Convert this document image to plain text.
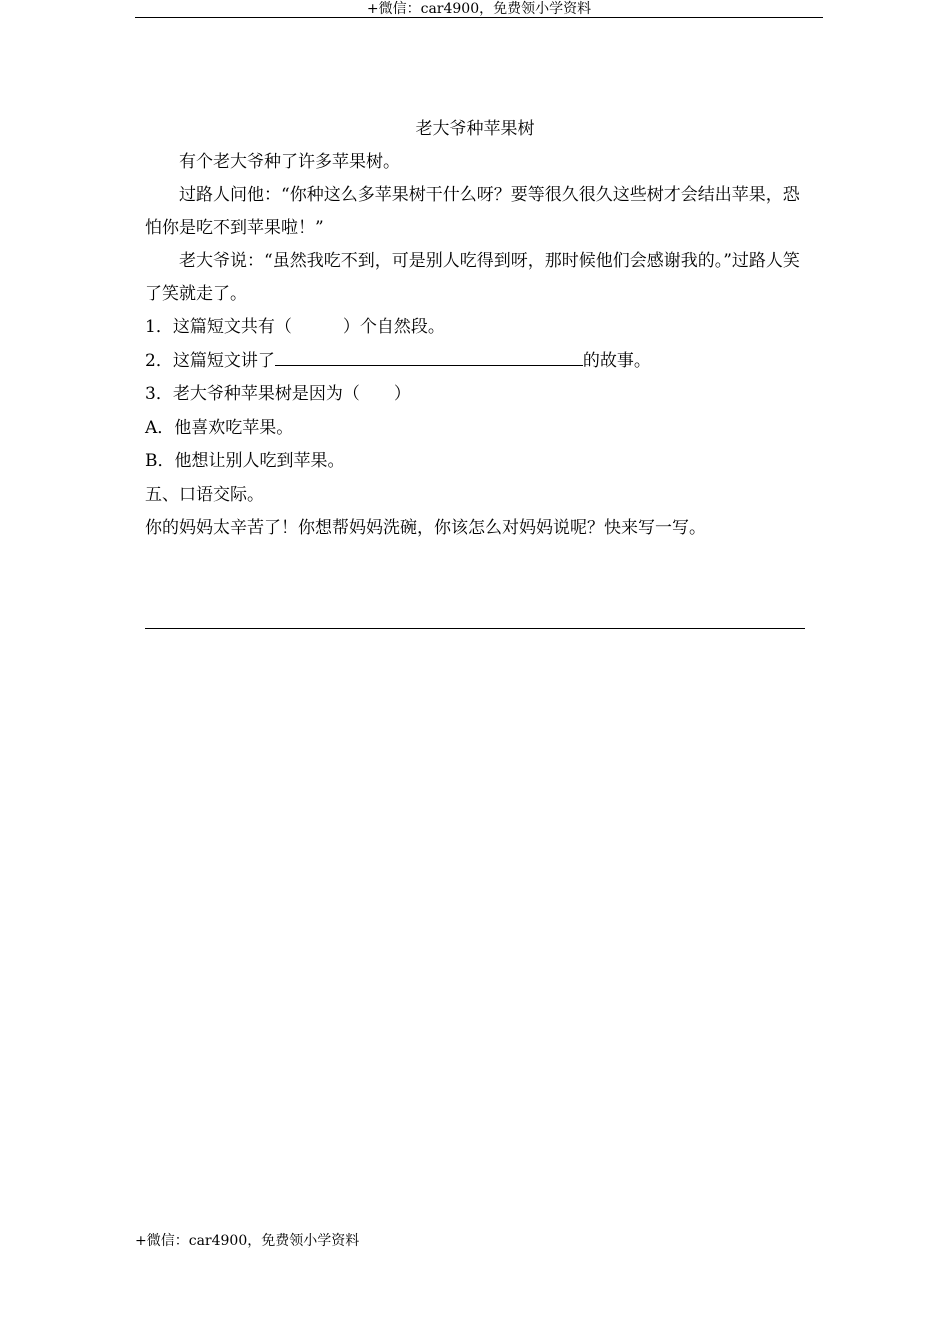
+微信：car4900，免费领小学资料
老大爷种苹果树

有个老大爷种了许多苹果树。

过路人问他：“你种这么多苹果树干什么呀？要等很久很久这些树才会结出苹果，恐怕你是吃不到苹果啦！”

老大爷说：“虽然我吃不到，可是别人吃得到呀，那时候他们会感谢我的。”过路人笑了笑就走了。

1．这篇短文共有（　　　）个自然段。

2．这篇短文讲了	的故事。

3．老大爷种苹果树是因为（　　）

A．他喜欢吃苹果。

B．他想让别人吃到苹果。

五、口语交际。

你的妈妈太辛苦了！你想帮妈妈洗碗，你该怎么对妈妈说呢？快来写一写。

+微信：car4900，免费领小学资料
